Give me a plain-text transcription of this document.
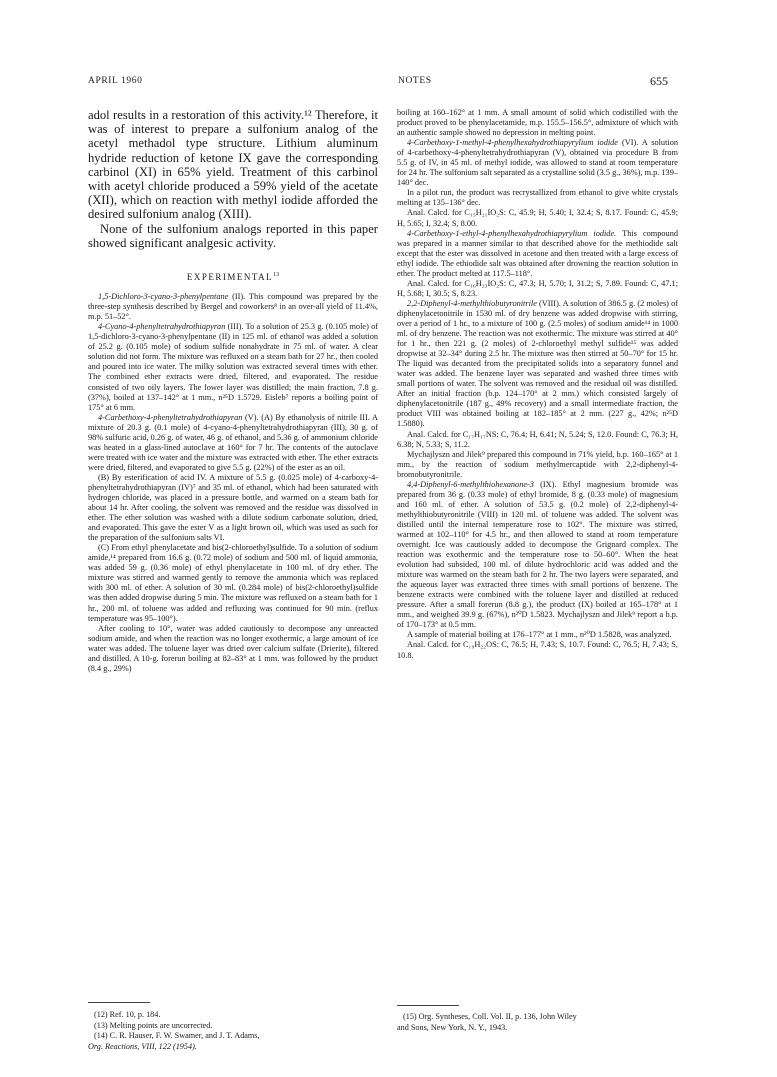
APRIL 1960	NOTES	655

adol results in a restoration of this activity.¹² Therefore, it was of interest to prepare a sulfonium analog of the acetyl methadol type structure. Lithium aluminum hydride reduction of ketone IX gave the corresponding carbinol (XI) in 65% yield. Treatment of this carbinol with acetyl chloride produced a 59% yield of the acetate (XII), which on reaction with methyl iodide afforded the desired sulfonium analog (XIII).

None of the sulfonium analogs reported in this paper showed significant analgesic activity.

EXPERIMENTAL$^{13}$

1,5-Dichloro-3-cyano-3-phenylpentane (II). This compound was prepared by the three-step synthesis described by Bergel and coworkers⁸ in an over-all yield of 11.4%, m.p. 51–52°.

4-Cyano-4-phenyltetrahydrothiapyran (III). To a solution of 25.3 g. (0.105 mole) of 1,5-dichloro-3-cyano-3-phenylpentane (II) in 125 ml. of ethanol was added a solution of 25.2 g. (0.105 mole) of sodium sulfide nonahydrate in 75 ml. of water. A clear solution did not form. The mixture was refluxed on a steam bath for 27 hr., then cooled and poured into ice water. The milky solution was extracted several times with ether. The combined ether extracts were dried, filtered, and evaporated. The residue consisted of two oily layers. The lower layer was distilled; the main fraction, 7.8 g. (37%), boiled at 137–142° at 1 mm., n²⁵D 1.5729. Eisleb⁷ reports a boiling point of 175° at 6 mm.

4-Carbethoxy-4-phenyltetrahydrothiapyran (V). (A) By ethanolysis of nitrile III. A mixture of 20.3 g. (0.1 mole) of 4-cyano-4-phenyltetrahydrothiapyran (III), 30 g. of 98% sulfuric acid, 0.26 g. of water, 46 g. of ethanol, and 5.36 g. of ammonium chloride was heated in a glass-lined autoclave at 160° for 7 hr. The contents of the autoclave were treated with ice water and the mixture was extracted with ether. The ether extracts were dried, filtered, and evaporated to give 5.5 g. (22%) of the ester as an oil.

(B) By esterification of acid IV. A mixture of 5.5 g. (0.025 mole) of 4-carboxy-4-phenyltetrahydrothiapyran (IV)⁷ and 35 ml. of ethanol, which had been saturated with hydrogen chloride, was placed in a pressure bottle, and warmed on a steam bath for about 14 hr. After cooling, the solvent was removed and the residue was dissolved in ether. The ether solution was washed with a dilute sodium carbonate solution, dried, and evaporated. This gave the ester V as a light brown oil, which was used as such for the preparation of the sulfonium salts VI.

(C) From ethyl phenylacetate and bis(2-chloroethyl)sulfide. To a solution of sodium amide,¹⁴ prepared from 16.6 g. (0.72 mole) of sodium and 500 ml. of liquid ammonia, was added 59 g. (0.36 mole) of ethyl phenylacetate in 100 ml. of dry ether. The mixture was stirred and warmed gently to remove the ammonia which was replaced with 300 ml. of ether. A solution of 30 ml. (0.284 mole) of bis(2-chloroethyl)sulfide was then added dropwise during 5 min. The mixture was refluxed on a steam bath for 1 hr., 200 ml. of toluene was added and refluxing was continued for 90 min. (reflux temperature was 95–100°).

After cooling to 10°, water was added cautiously to decompose any unreacted sodium amide, and when the reaction was no longer exothermic, a large amount of ice water was added. The toluene layer was dried over calcium sulfate (Drierite), filtered and distilled. A 10-g. forerun boiling at 82–83° at 1 mm. was followed by the product (8.4 g., 29%)

boiling at 160–162° at 1 mm. A small amount of solid which codistilled with the product proved to be phenylacetamide, m.p. 155.5–156.5°, admixture of which with an authentic sample showed no depression in melting point.

4-Carbethoxy-1-methyl-4-phenylhexahydrothiapyrylium iodide (VI). A solution of 4-carbethoxy-4-phenyltetrahydrothiapyran (V), obtained via procedure B from 5.5 g. of IV, in 45 ml. of methyl iodide, was allowed to stand at room temperature for 24 hr. The sulfonium salt separated as a crystalline solid (3.5 g., 36%), m.p. 139–140° dec.

In a pilot run, the product was recrystallized from ethanol to give white crystals melting at 135–136° dec.

Anal. Calcd. for C₁₅H₂₁IO₂S: C, 45.9; H, 5.40; I, 32.4; S, 8.17. Found: C, 45.9; H, 5.65; I, 32.4; S, 8.00.

4-Carbethoxy-1-ethyl-4-phenylhexahydrothiapyrylium iodide. This compound was prepared in a manner similar to that described above for the methiodide salt except that the ester was dissolved in acetone and then treated with a large excess of ethyl iodide. The ethiodide salt was obtained after drowning the reaction solution in ether. The product melted at 117.5–118°.

Anal. Calcd. for C₁₆H₂₃IO₂S: C, 47.3; H, 5.70; I, 31.2; S, 7.89. Found: C, 47.1; H, 5.68; I, 30.5; S, 8.23.

2,2-Diphenyl-4-methylthiobutyronitrile (VIII). A solution of 386.5 g. (2 moles) of diphenylacetonitrile in 1530 ml. of dry benzene was added dropwise with stirring, over a period of 1 hr., to a mixture of 100 g. (2.5 moles) of sodium amide¹⁴ in 1000 ml. of dry benzene. The reaction was not exothermic. The mixture was stirred at 40° for 1 hr., then 221 g. (2 moles) of 2-chloroethyl methyl sulfide¹⁵ was added dropwise at 32–34° during 2.5 hr. The mixture was then stirred at 50–70° for 15 hr. The liquid was decanted from the precipitated solids into a separatory funnel and water was added. The benzene layer was separated and washed three times with small portions of water. The solvent was removed and the residual oil was distilled. After an initial fraction (b.p. 124–170° at 2 mm.) which consisted largely of diphenylacetonitrile (187 g., 49% recovery) and a small intermediate fraction, the product VIII was obtained boiling at 182–185° at 2 mm. (227 g., 42%; n²⁵D 1.5880).

Anal. Calcd. for C₁₇H₁₇NS: C, 76.4; H, 6.41; N, 5.24; S, 12.0. Found: C, 76.3; H, 6.38; N, 5.33; S, 11.2.

Mychajlyszn and Jilek⁹ prepared this compound in 71% yield, b.p. 160–165° at 1 mm., by the reaction of sodium methylmercaptide with 2,2-diphenyl-4-bromobutyronitrile.

4,4-Diphenyl-6-methylthiohexanone-3 (IX). Ethyl magnesium bromide was prepared from 36 g. (0.33 mole) of ethyl bromide, 8 g. (0.33 mole) of magnesium and 160 ml. of ether. A solution of 53.5 g. (0.2 mole) of 2,2-diphenyl-4-methylthiobutyronitrile (VIII) in 120 ml. of toluene was added. The solvent was distilled until the internal temperature rose to 102°. The mixture was stirred, warmed at 102–110° for 4.5 hr., and then allowed to stand at room temperature overnight. Ice was cautiously added to decompose the Grignard complex. The reaction was exothermic and the temperature rose to 50–60°. When the heat evolution had subsided, 100 ml. of dilute hydrochloric acid was added and the mixture was warmed on the steam bath for 2 hr. The two layers were separated, and the aqueous layer was extracted three times with small portions of benzene. The benzene extracts were combined with the toluene layer and distilled at reduced pressure. After a small forerun (8.8 g.), the product (IX) boiled at 165–178° at 1 mm., and weighed 39.9 g. (67%), n²⁰D 1.5823. Mychajlyszn and Jilek⁹ report a b.p. of 170–173° at 0.5 mm.

A sample of material boiling at 176–177° at 1 mm., n²⁰D 1.5828, was analyzed.

Anal. Calcd. for C₁₉H₂₂OS: C, 76.5; H, 7.43; S, 10.7. Found: C, 76.5; H, 7.43; S, 10.8.

(12) Ref. 10, p. 184.
(13) Melting points are uncorrected.
(14) C. R. Hauser, F. W. Swamer, and J. T. Adams,
Org. Reactions, VIII, 122 (1954).
(15) Org. Syntheses, Coll. Vol. II, p. 136, John Wiley
and Sons, New York, N. Y., 1943.
